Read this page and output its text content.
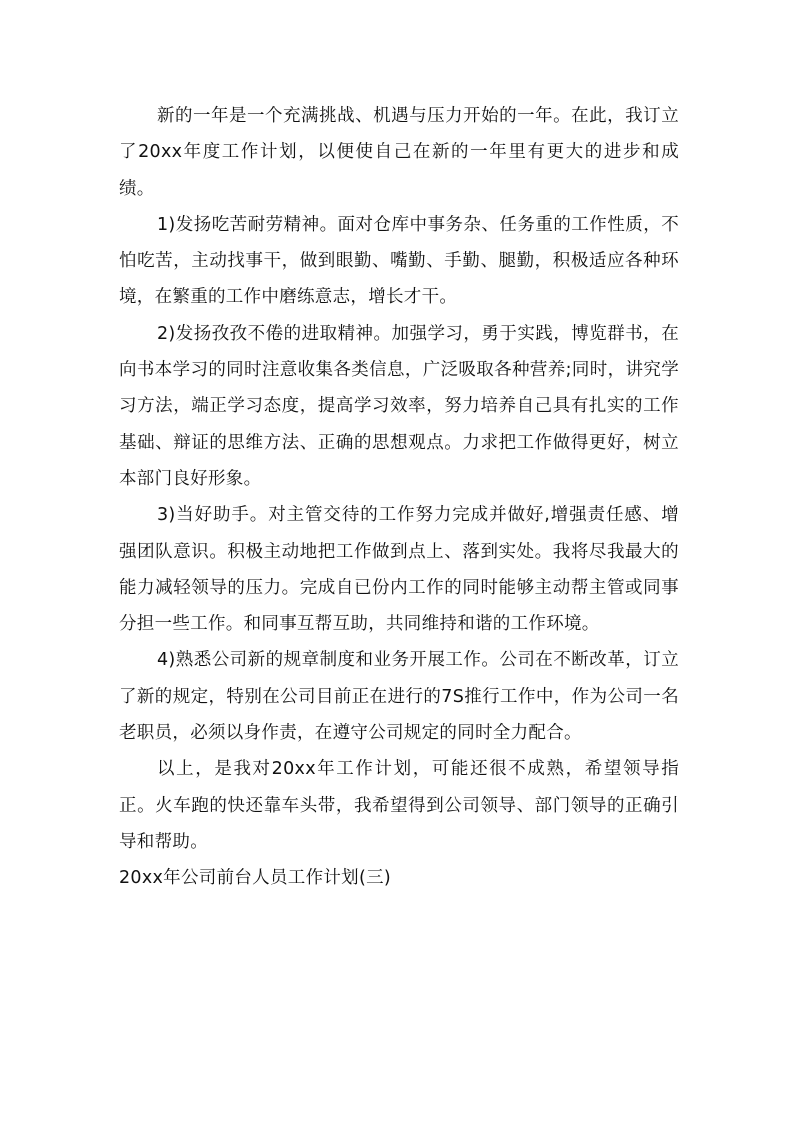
新的一年是一个充满挑战、机遇与压力开始的一年。在此，我订立了20xx年度工作计划，以便使自己在新的一年里有更大的进步和成绩。

1)发扬吃苦耐劳精神。面对仓库中事务杂、任务重的工作性质，不怕吃苦，主动找事干，做到眼勤、嘴勤、手勤、腿勤，积极适应各种环境，在繁重的工作中磨练意志，增长才干。

2)发扬孜孜不倦的进取精神。加强学习，勇于实践，博览群书，在向书本学习的同时注意收集各类信息，广泛吸取各种营养;同时，讲究学习方法，端正学习态度，提高学习效率，努力培养自己具有扎实的工作基础、辩证的思维方法、正确的思想观点。力求把工作做得更好，树立本部门良好形象。

3)当好助手。对主管交待的工作努力完成并做好,增强责任感、增强团队意识。积极主动地把工作做到点上、落到实处。我将尽我最大的能力减轻领导的压力。完成自已份内工作的同时能够主动帮主管或同事分担一些工作。和同事互帮互助，共同维持和谐的工作环境。

4)熟悉公司新的规章制度和业务开展工作。公司在不断改革，订立了新的规定，特别在公司目前正在进行的7S推行工作中，作为公司一名老职员，必须以身作责，在遵守公司规定的同时全力配合。

以上，是我对20xx年工作计划，可能还很不成熟，希望领导指正。火车跑的快还靠车头带，我希望得到公司领导、部门领导的正确引导和帮助。

20xx年公司前台人员工作计划(三)
